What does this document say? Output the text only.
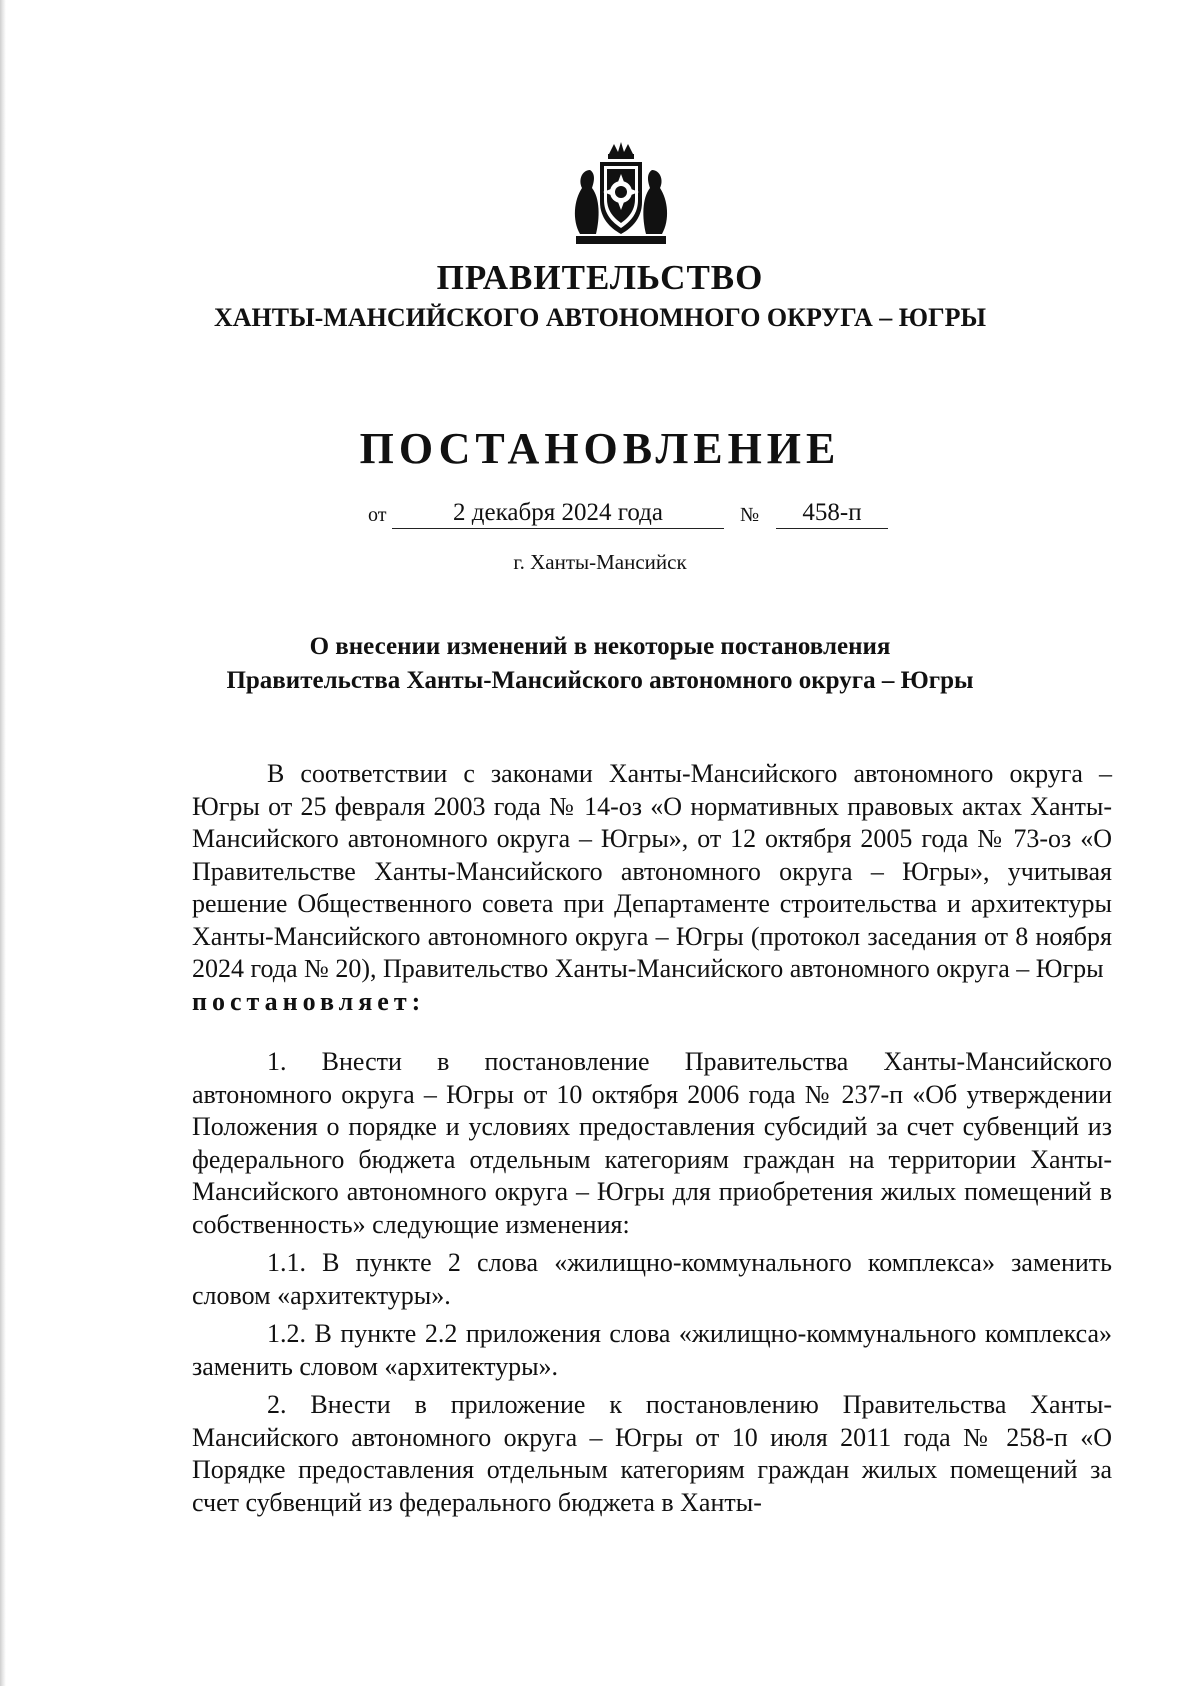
ПРАВИТЕЛЬСТВО
ХАНТЫ-МАНСИЙСКОГО АВТОНОМНОГО ОКРУГА – ЮГРЫ
ПОСТАНОВЛЕНИЕ
от	2 декабря 2024 года	№	458-п
г. Ханты-Мансийск
О внесении изменений в некоторые постановления
Правительства Ханты-Мансийского автономного округа – Югры

В соответствии с законами Ханты-Мансийского автономного округа – Югры от 25 февраля 2003 года № 14-оз «О нормативных правовых актах Ханты-Мансийского автономного округа – Югры», от 12 октября 2005 года № 73-оз «О Правительстве Ханты-Мансийского автономного округа – Югры», учитывая решение Общественного совета при Департаменте строительства и архитектуры Ханты-Мансийского автономного округа – Югры (протокол заседания от 8 ноября 2024 года № 20), Правительство Ханты-Мансийского автономного округа – Югры
постановляет:

1. Внести в постановление Правительства Ханты-Мансийского автономного округа – Югры от 10 октября 2006 года № 237-п «Об утверждении Положения о порядке и условиях предоставления субсидий за счет субвенций из федерального бюджета отдельным категориям граждан на территории Ханты-Мансийского автономного округа – Югры для приобретения жилых помещений в собственность» следующие изменения:

1.1. В пункте 2 слова «жилищно-коммунального комплекса» заменить словом «архитектуры».

1.2. В пункте 2.2 приложения слова «жилищно-коммунального комплекса» заменить словом «архитектуры».

2. Внести в приложение к постановлению Правительства Ханты-Мансийского автономного округа – Югры от 10 июля 2011 года № 258-п «О Порядке предоставления отдельным категориям граждан жилых помещений за счет субвенций из федерального бюджета в Ханты-
